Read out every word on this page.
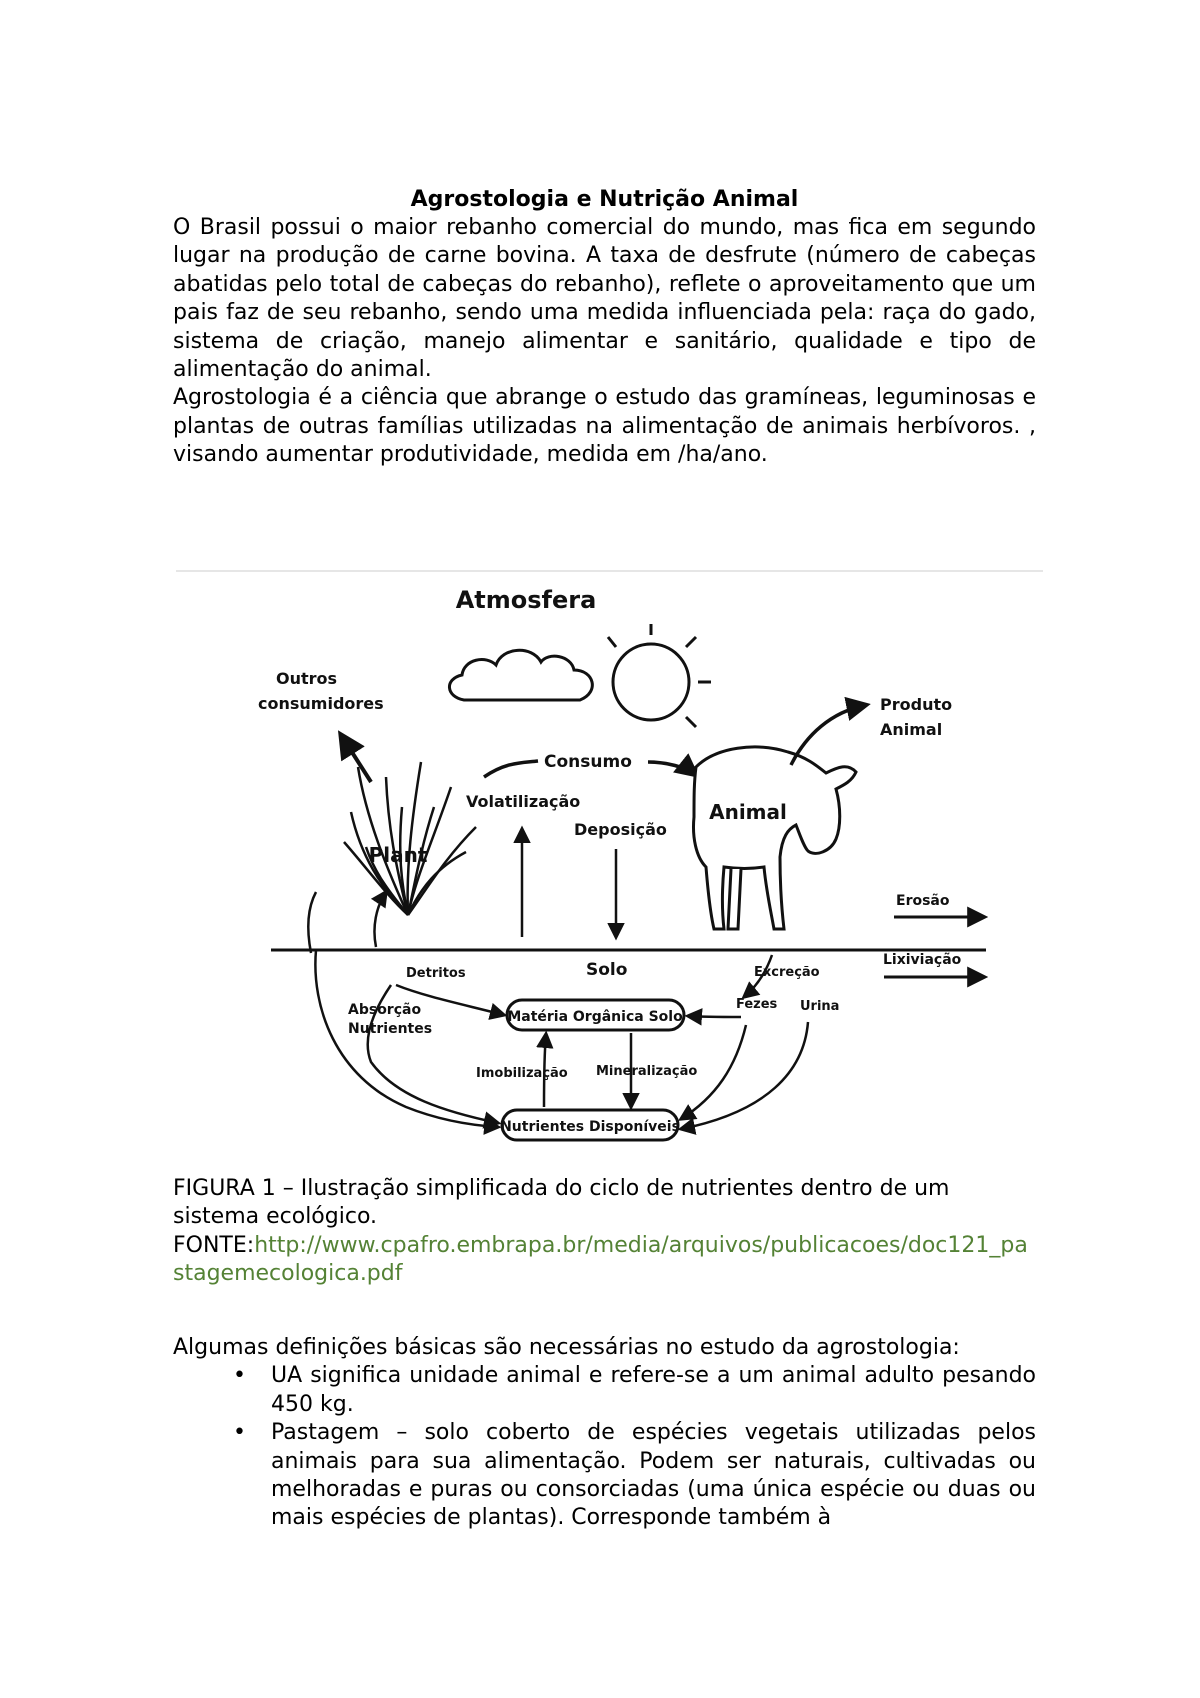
Agrostologia e Nutrição Animal

O Brasil possui o maior rebanho comercial do mundo, mas fica em segundo lugar na produção de carne bovina. A taxa de desfrute (número de cabeças abatidas pelo total de cabeças do rebanho), reflete o aproveitamento que um pais faz de seu rebanho, sendo uma medida influenciada pela: raça do gado, sistema de criação, manejo alimentar e sanitário, qualidade e tipo de alimentação do animal.

Agrostologia é a ciência que abrange o estudo das gramíneas, leguminosas e plantas de outras famílias utilizadas na alimentação de animais herbívoros. , visando aumentar produtividade, medida em /ha/ano.

Atmosfera
Outros
consumidores
Plant
Consumo
Volatilização
Deposição
Animal
Produto
Animal
Erosão
Lixiviação
Detritos	Solo	Excreção
Absorção
Nutrientes
Fezes Urina
Matéria Orgânica Solo
Nutrientes Disponíveis
Imobilização Mineralização

FIGURA 1 – Ilustração simplificada do ciclo de nutrientes dentro de um sistema ecológico.

FONTE:http://www.cpafro.embrapa.br/media/arquivos/publicacoes/doc121_pastagemecologica.pdf

Algumas definições básicas são necessárias no estudo da agrostologia:

• UA significa unidade animal e refere-se a um animal adulto pesando 450 kg.
• Pastagem – solo coberto de espécies vegetais utilizadas pelos animais para sua alimentação. Podem ser naturais, cultivadas ou melhoradas e puras ou consorciadas (uma única espécie ou duas ou mais espécies de plantas). Corresponde também à
